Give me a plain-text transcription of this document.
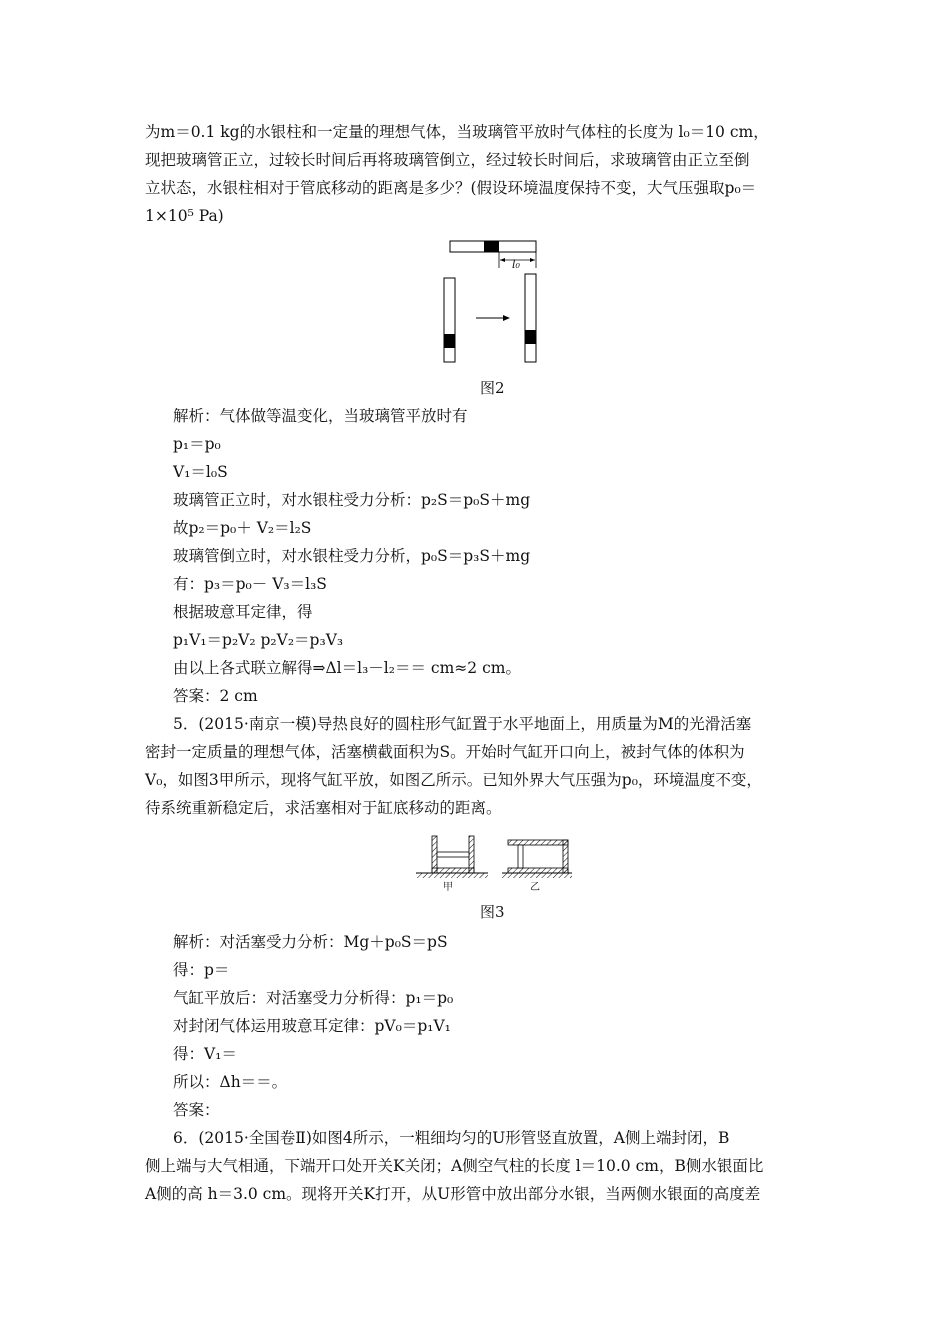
为m＝0.1 kg的水银柱和一定量的理想气体，当玻璃管平放时气体柱的长度为 l₀＝10 cm，
现把玻璃管正立，过较长时间后再将玻璃管倒立，经过较长时间后，求玻璃管由正立至倒
立状态，水银柱相对于管底移动的距离是多少？(假设环境温度保持不变，大气压强取p₀＝
1×10⁵ Pa)
l₀
图2
解析：气体做等温变化，当玻璃管平放时有
p₁＝p₀
V₁＝l₀S
玻璃管正立时，对水银柱受力分析：p₂S＝p₀S＋mg
故p₂＝p₀＋ V₂＝l₂S
玻璃管倒立时，对水银柱受力分析，p₀S＝p₃S＋mg
有：p₃＝p₀－ V₃＝l₃S
根据玻意耳定律，得
p₁V₁＝p₂V₂ p₂V₂＝p₃V₃
由以上各式联立解得⇒Δl＝l₃－l₂＝＝ cm≈2 cm。
答案：2 cm
5．(2015·南京一模)导热良好的圆柱形气缸置于水平地面上，用质量为M的光滑活塞
密封一定质量的理想气体，活塞横截面积为S。开始时气缸开口向上，被封气体的体积为
V₀，如图3甲所示，现将气缸平放，如图乙所示。已知外界大气压强为p₀，环境温度不变，
待系统重新稳定后，求活塞相对于缸底移动的距离。
甲	乙
图3
解析：对活塞受力分析：Mg＋p₀S＝pS
得：p＝
气缸平放后：对活塞受力分析得：p₁＝p₀
对封闭气体运用玻意耳定律：pV₀＝p₁V₁
得：V₁＝
所以：Δh＝＝。
答案：
6．(2015·全国卷Ⅱ)如图4所示，一粗细均匀的U形管竖直放置，A侧上端封闭，B
侧上端与大气相通，下端开口处开关K关闭；A侧空气柱的长度 l＝10.0 cm，B侧水银面比
A侧的高 h＝3.0 cm。现将开关K打开，从U形管中放出部分水银，当两侧水银面的高度差
